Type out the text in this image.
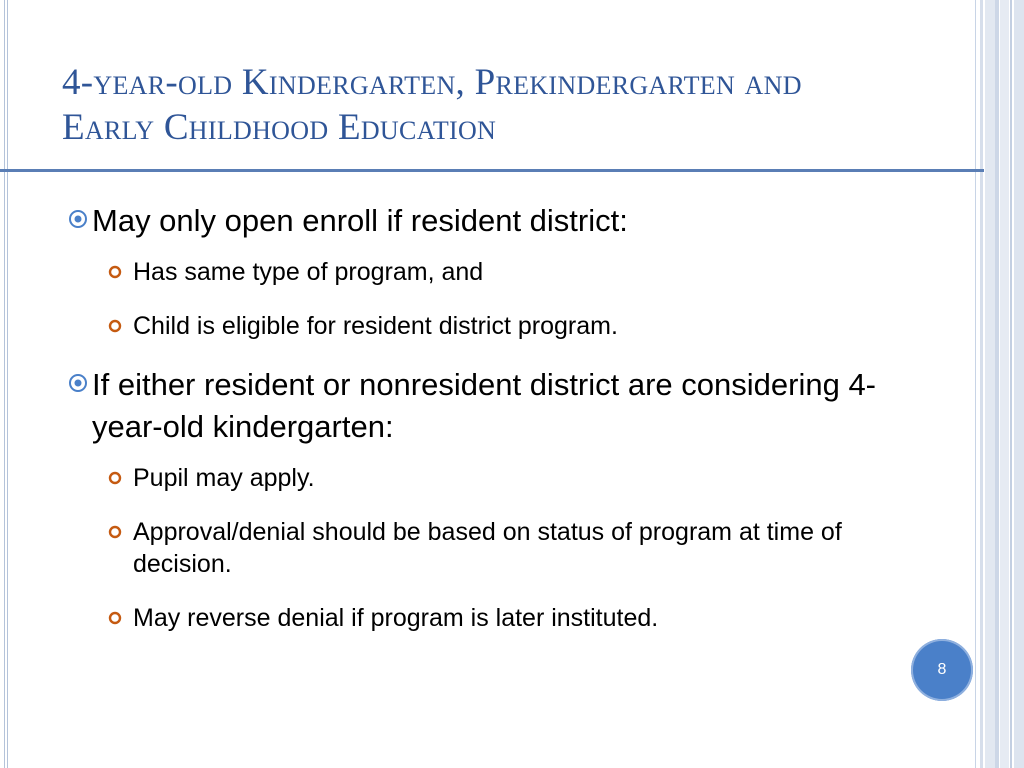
4-year-old Kindergarten, Prekindergarten and
Early Childhood Education
May only open enroll if resident district:
Has same type of program, and
Child is eligible for resident district program.
If either resident or nonresident district are considering 4-year-old kindergarten:
Pupil may apply.
Approval/denial should be based on status of program at time of decision.
May reverse denial if program is later instituted.
8
